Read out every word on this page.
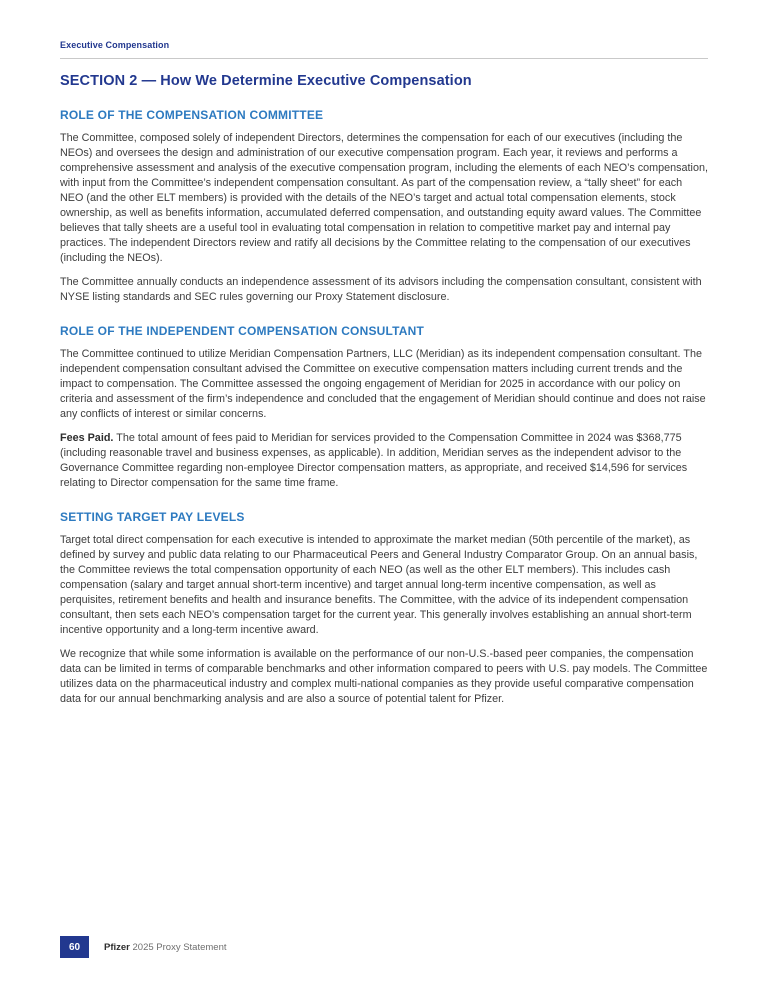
Executive Compensation
SECTION 2 — How We Determine Executive Compensation
ROLE OF THE COMPENSATION COMMITTEE

The Committee, composed solely of independent Directors, determines the compensation for each of our executives (including the NEOs) and oversees the design and administration of our executive compensation program. Each year, it reviews and performs a comprehensive assessment and analysis of the executive compensation program, including the elements of each NEO’s compensation, with input from the Committee’s independent compensation consultant. As part of the compensation review, a “tally sheet” for each NEO (and the other ELT members) is provided with the details of the NEO’s target and actual total compensation elements, stock ownership, as well as benefits information, accumulated deferred compensation, and outstanding equity award values. The Committee believes that tally sheets are a useful tool in evaluating total compensation in relation to competitive market pay and internal pay practices. The independent Directors review and ratify all decisions by the Committee relating to the compensation of our executives (including the NEOs).

The Committee annually conducts an independence assessment of its advisors including the compensation consultant, consistent with NYSE listing standards and SEC rules governing our Proxy Statement disclosure.

ROLE OF THE INDEPENDENT COMPENSATION CONSULTANT

The Committee continued to utilize Meridian Compensation Partners, LLC (Meridian) as its independent compensation consultant. The independent compensation consultant advised the Committee on executive compensation matters including current trends and the impact to compensation. The Committee assessed the ongoing engagement of Meridian for 2025 in accordance with our policy on criteria and assessment of the firm’s independence and concluded that the engagement of Meridian should continue and does not raise any conflicts of interest or similar concerns.

Fees Paid. The total amount of fees paid to Meridian for services provided to the Compensation Committee in 2024 was $368,775 (including reasonable travel and business expenses, as applicable). In addition, Meridian serves as the independent advisor to the Governance Committee regarding non-employee Director compensation matters, as appropriate, and received $14,596 for services relating to Director compensation for the same time frame.

SETTING TARGET PAY LEVELS

Target total direct compensation for each executive is intended to approximate the market median (50th percentile of the market), as defined by survey and public data relating to our Pharmaceutical Peers and General Industry Comparator Group. On an annual basis, the Committee reviews the total compensation opportunity of each NEO (as well as the other ELT members). This includes cash compensation (salary and target annual short-term incentive) and target annual long-term incentive compensation, as well as perquisites, retirement benefits and health and insurance benefits. The Committee, with the advice of its independent compensation consultant, then sets each NEO’s compensation target for the current year. This generally involves establishing an annual short-term incentive opportunity and a long-term incentive award.

We recognize that while some information is available on the performance of our non-U.S.-based peer companies, the compensation data can be limited in terms of comparable benchmarks and other information compared to peers with U.S. pay models. The Committee utilizes data on the pharmaceutical industry and complex multi-national companies as they provide useful comparative compensation data for our annual benchmarking analysis and are also a source of potential talent for Pfizer.

60	Pfizer 2025 Proxy Statement
